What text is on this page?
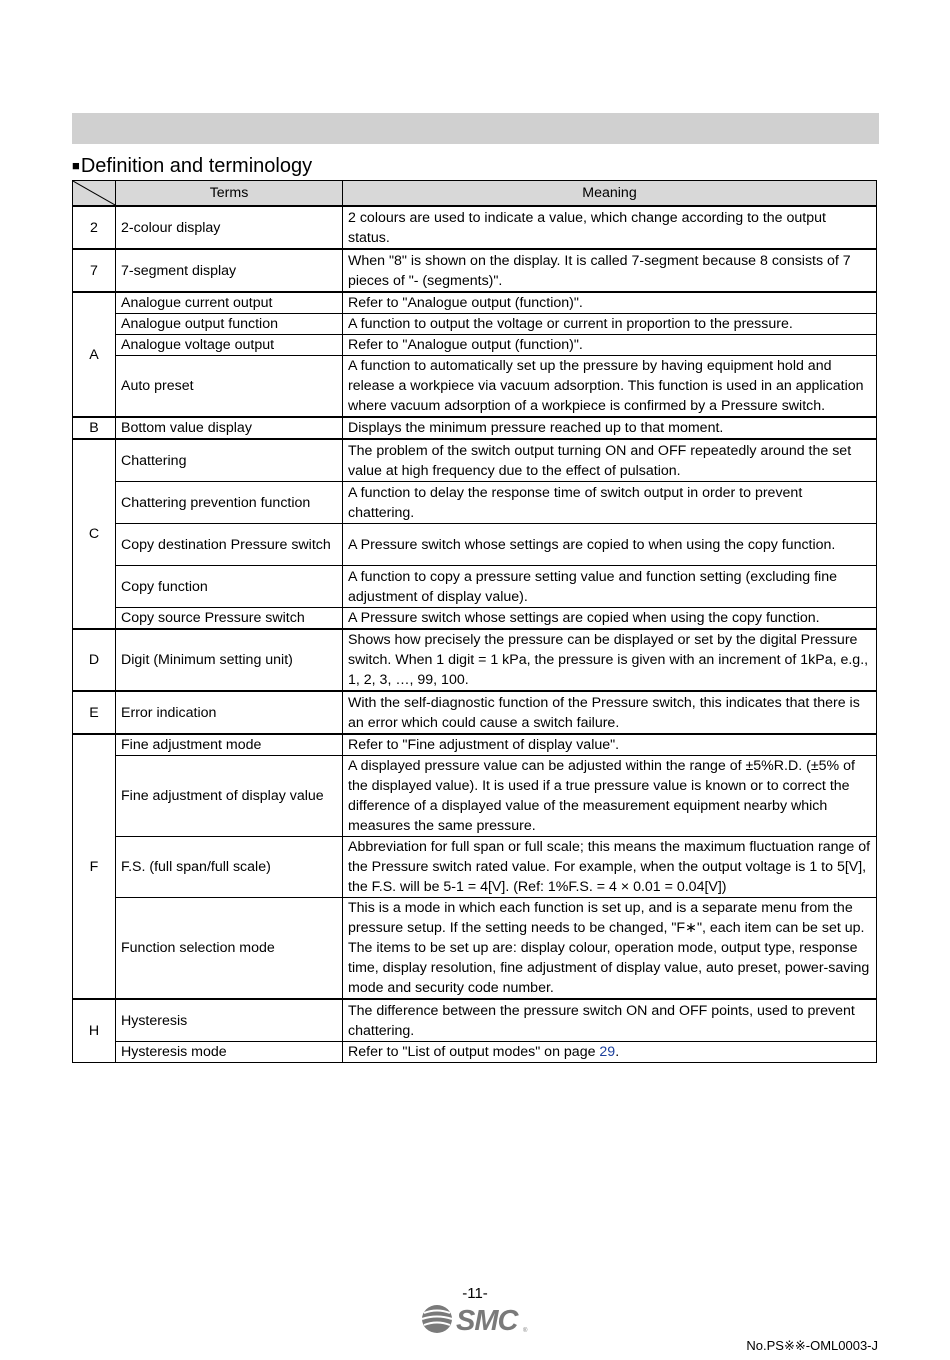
■Definition and terminology
	Terms	Meaning
2	2-colour display	2 colours are used to indicate a value, which change according to the output status.
7	7-segment display	When "8" is shown on the display. It is called 7-segment because 8 consists of 7 pieces of "- (segments)".
A	Analogue current output	Refer to "Analogue output (function)".
	Analogue output function	A function to output the voltage or current in proportion to the pressure.
	Analogue voltage output	Refer to "Analogue output (function)".
	Auto preset	A function to automatically set up the pressure by having equipment hold and release a workpiece via vacuum adsorption. This function is used in an application where vacuum adsorption of a workpiece is confirmed by a Pressure switch.
B	Bottom value display	Displays the minimum pressure reached up to that moment.
C	Chattering	The problem of the switch output turning ON and OFF repeatedly around the set value at high frequency due to the effect of pulsation.
	Chattering prevention function	A function to delay the response time of switch output in order to prevent chattering.
	Copy destination Pressure switch	A Pressure switch whose settings are copied to when using the copy function.
	Copy function	A function to copy a pressure setting value and function setting (excluding fine adjustment of display value).
	Copy source Pressure switch	A Pressure switch whose settings are copied when using the copy function.
D	Digit (Minimum setting unit)	Shows how precisely the pressure can be displayed or set by the digital Pressure switch. When 1 digit = 1 kPa, the pressure is given with an increment of 1kPa, e.g., 1, 2, 3, …, 99, 100.
E	Error indication	With the self-diagnostic function of the Pressure switch, this indicates that there is an error which could cause a switch failure.
F	Fine adjustment mode	Refer to "Fine adjustment of display value".
	Fine adjustment of display value	A displayed pressure value can be adjusted within the range of ±5%R.D. (±5% of the displayed value). It is used if a true pressure value is known or to correct the difference of a displayed value of the measurement equipment nearby which measures the same pressure.
	F.S. (full span/full scale)	Abbreviation for full span or full scale; this means the maximum fluctuation range of the Pressure switch rated value. For example, when the output voltage is 1 to 5[V], the F.S. will be 5-1 = 4[V]. (Ref: 1%F.S. = 4 × 0.01 = 0.04[V])
	Function selection mode	This is a mode in which each function is set up, and is a separate menu from the pressure setup. If the setting needs to be changed, "F∗", each item can be set up. The items to be set up are: display colour, operation mode, output type, response time, display resolution, fine adjustment of display value, auto preset, power-saving mode and security code number.
H	Hysteresis	The difference between the pressure switch ON and OFF points, used to prevent chattering.
	Hysteresis mode	Refer to "List of output modes" on page 29.
-11-
SMC ®
No.PS※※-OML0003-J
